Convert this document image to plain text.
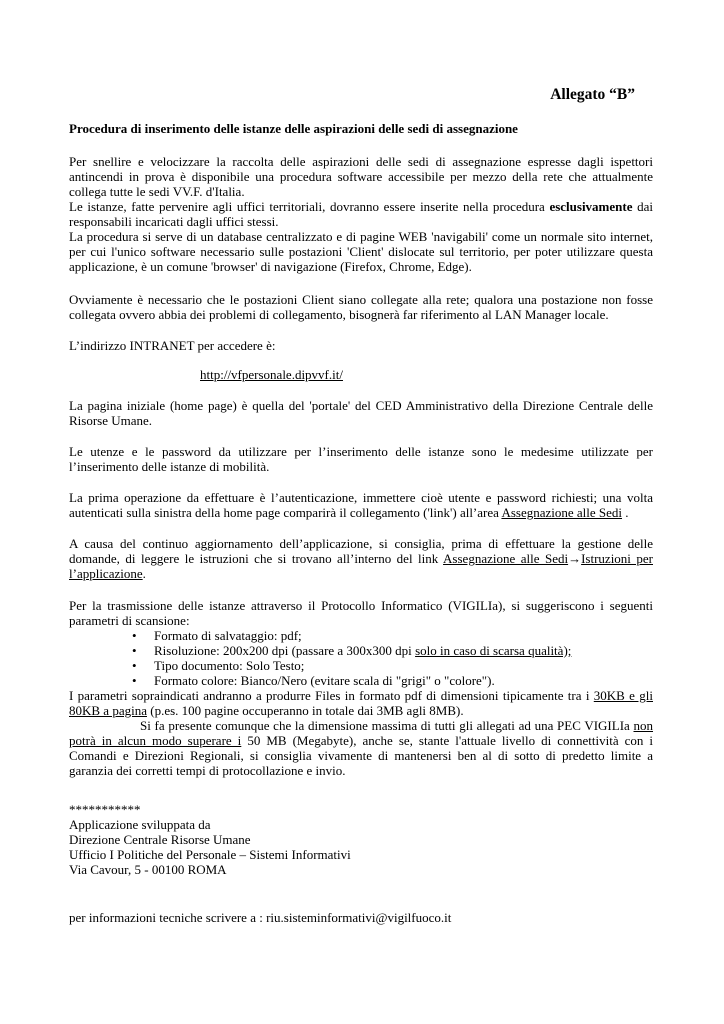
Allegato “B”
Procedura di inserimento delle istanze delle aspirazioni delle sedi di assegnazione

Per snellire e velocizzare la raccolta delle aspirazioni delle sedi di assegnazione espresse dagli ispettori antincendi in prova è disponibile una procedura software accessibile per mezzo della rete che attualmente collega tutte le sedi VV.F. d'Italia.

Le istanze, fatte pervenire agli uffici territoriali, dovranno essere inserite nella procedura esclusivamente dai responsabili incaricati dagli uffici stessi.

La procedura si serve di un database centralizzato e di pagine WEB 'navigabili' come un normale sito internet, per cui l'unico software necessario sulle postazioni 'Client' dislocate sul territorio, per poter utilizzare questa applicazione, è un comune 'browser' di navigazione (Firefox, Chrome, Edge).

Ovviamente è necessario che le postazioni Client siano collegate alla rete; qualora una postazione non fosse collegata ovvero abbia dei problemi di collegamento, bisognerà far riferimento al LAN Manager locale.
L’indirizzo INTRANET per accedere è:
http://vfpersonale.dipvvf.it/
La pagina iniziale (home page) è quella del 'portale' del CED Amministrativo della Direzione Centrale delle Risorse Umane.
Le utenze e le password da utilizzare per l’inserimento delle istanze sono le medesime utilizzate per l’inserimento delle istanze di mobilità.
La prima operazione da effettuare è l’autenticazione, immettere cioè utente e password richiesti; una volta autenticati sulla sinistra della home page comparirà il collegamento ('link') all’area Assegnazione alle Sedi .
A causa del continuo aggiornamento dell’applicazione, si consiglia, prima di effettuare la gestione delle domande, di leggere le istruzioni che si trovano all’interno del link Assegnazione alle Sedi→Istruzioni per l’applicazione.

Per la trasmissione delle istanze attraverso il Protocollo Informatico (VIGILIa), si suggeriscono i seguenti parametri di scansione:

• Formato di salvataggio: pdf;
• Risoluzione: 200x200 dpi (passare a 300x300 dpi solo in caso di scarsa qualità);
• Tipo documento: Solo Testo;
• Formato colore: Bianco/Nero (evitare scala di "grigi" o "colore").

I parametri sopraindicati andranno a produrre Files in formato pdf di dimensioni tipicamente tra i 30KB e gli 80KB a pagina (p.es. 100 pagine occuperanno in totale dai 3MB agli 8MB).

Si fa presente comunque che la dimensione massima di tutti gli allegati ad una PEC VIGILIa non potrà in alcun modo superare i 50 MB (Megabyte), anche se, stante l'attuale livello di connettività con i Comandi e Direzioni Regionali, si consiglia vivamente di mantenersi ben al di sotto di predetto limite a garanzia dei corretti tempi di protocollazione e invio.

***********
Applicazione sviluppata da
Direzione Centrale Risorse Umane
Ufficio I Politiche del Personale – Sistemi Informativi
Via Cavour, 5 - 00100 ROMA
per informazioni tecniche scrivere a : riu.sisteminformativi@vigilfuoco.it
